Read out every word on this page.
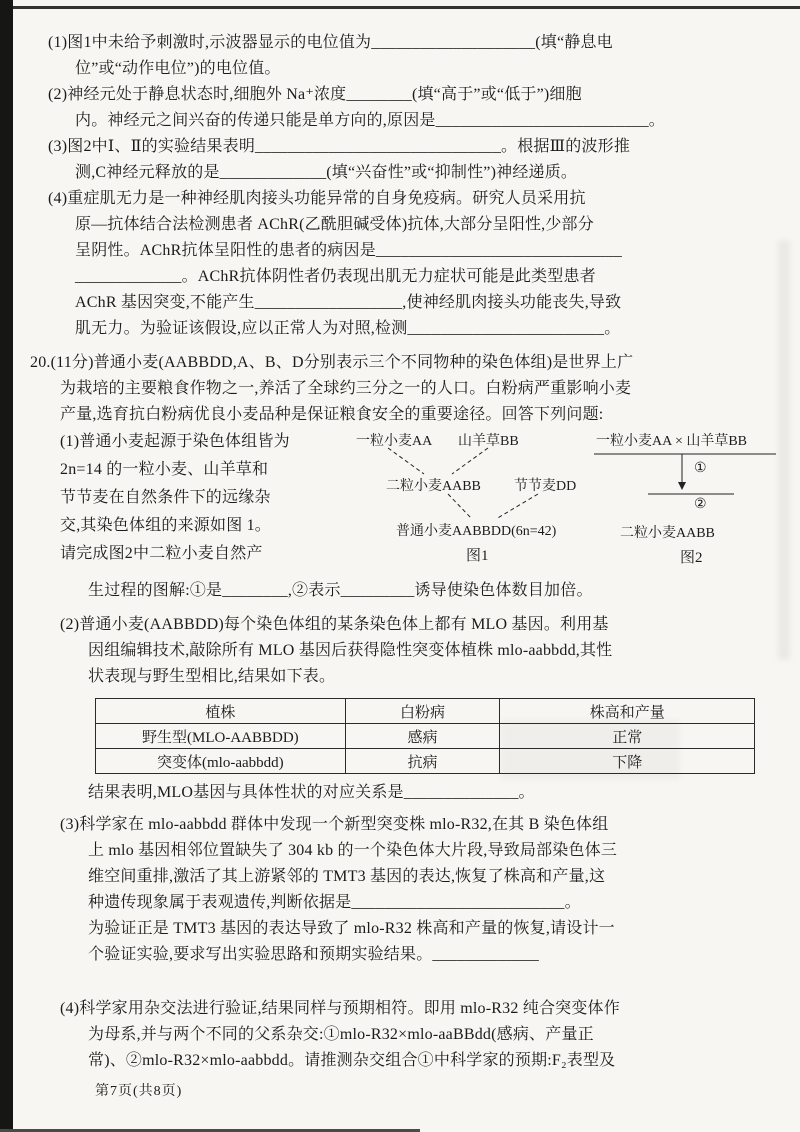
(1)图1中未给予刺激时,示波器显示的电位值为____________________(填“静息电
位”或“动作电位”)的电位值。
(2)神经元处于静息状态时,细胞外 Na⁺浓度________(填“高于”或“低于”)细胞
内。神经元之间兴奋的传递只能是单方向的,原因是__________________________。
(3)图2中Ⅰ、Ⅱ的实验结果表明______________________________。根据Ⅲ的波形推
测,C神经元释放的是_____________(填“兴奋性”或“抑制性”)神经递质。
(4)重症肌无力是一种神经肌肉接头功能异常的自身免疫病。研究人员采用抗
原—抗体结合法检测患者 AChR(乙酰胆碱受体)抗体,大部分呈阳性,少部分
呈阴性。AChR抗体呈阳性的患者的病因是______________________________
_____________。AChR抗体阴性者仍表现出肌无力症状可能是此类型患者
AChR 基因突变,不能产生__________________,使神经肌肉接头功能丧失,导致
肌无力。为验证该假设,应以正常人为对照,检测________________________。
20.(11分)普通小麦(AABBDD,A、B、D分别表示三个不同物种的染色体组)是世界上广
为栽培的主要粮食作物之一,养活了全球约三分之一的人口。白粉病严重影响小麦
产量,选育抗白粉病优良小麦品种是保证粮食安全的重要途径。回答下列问题:
(1)普通小麦起源于染色体组皆为
2n=14 的一粒小麦、山羊草和
节节麦在自然条件下的远缘杂
交,其染色体组的来源如图 1。
请完成图2中二粒小麦自然产
一粒小麦AA 山羊草BB
二粒小麦AABB 节节麦DD
普通小麦AABBDD(6n=42)
图1
一粒小麦AA × 山羊草BB
①
②
二粒小麦AABB
图2
生过程的图解:①是________,②表示_________诱导使染色体数目加倍。
(2)普通小麦(AABBDD)每个染色体组的某条染色体上都有 MLO 基因。利用基
因组编辑技术,敲除所有 MLO 基因后获得隐性突变体植株 mlo-aabbdd,其性
状表现与野生型相比,结果如下表。
植株	白粉病	株高和产量
野生型(MLO-AABBDD)	感病	正常
突变体(mlo-aabbdd)	抗病	下降
结果表明,MLO基因与具体性状的对应关系是______________。
(3)科学家在 mlo-aabbdd 群体中发现一个新型突变株 mlo-R32,在其 B 染色体组
上 mlo 基因相邻位置缺失了 304 kb 的一个染色体大片段,导致局部染色体三
维空间重排,激活了其上游紧邻的 TMT3 基因的表达,恢复了株高和产量,这
种遗传现象属于表观遗传,判断依据是__________________________。
为验证正是 TMT3 基因的表达导致了 mlo-R32 株高和产量的恢复,请设计一
个验证实验,要求写出实验思路和预期实验结果。_____________
(4)科学家用杂交法进行验证,结果同样与预期相符。即用 mlo-R32 纯合突变体作
为母系,并与两个不同的父系杂交:①mlo-R32×mlo-aaBBdd(感病、产量正
常)、②mlo-R32×mlo-aabbdd。请推测杂交组合①中科学家的预期:F₂表型及
第7页(共8页)
